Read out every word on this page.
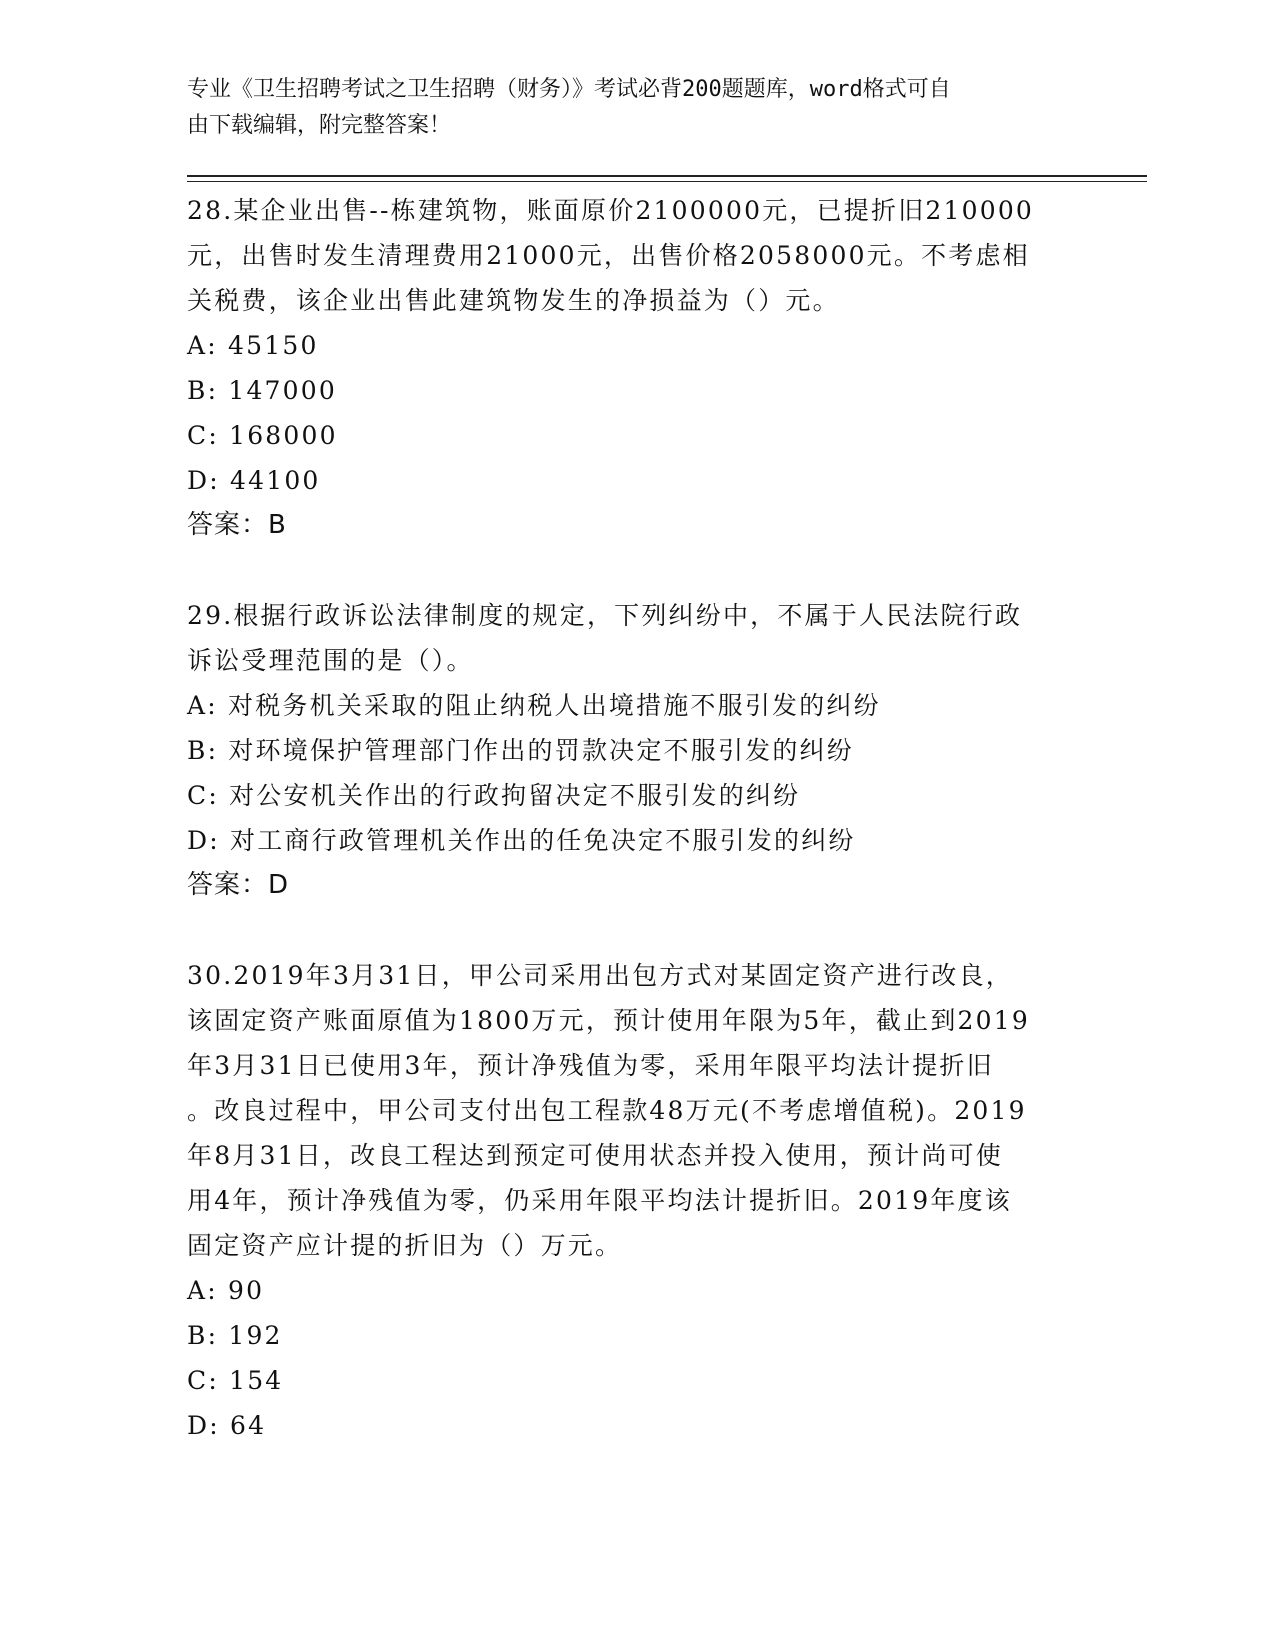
专业《卫生招聘考试之卫生招聘（财务）》考试必背200题题库，word格式可自
由下载编辑，附完整答案！
28.某企业出售--栋建筑物，账面原价2100000元，已提折旧210000
元，出售时发生清理费用21000元，出售价格2058000元。不考虑相
关税费，该企业出售此建筑物发生的净损益为（）元。
A: 45150
B: 147000
C: 168000
D: 44100
答案：B
29.根据行政诉讼法律制度的规定，下列纠纷中，不属于人民法院行政
诉讼受理范围的是（）。
A: 对税务机关采取的阻止纳税人出境措施不服引发的纠纷
B: 对环境保护管理部门作出的罚款决定不服引发的纠纷
C: 对公安机关作出的行政拘留决定不服引发的纠纷
D: 对工商行政管理机关作出的任免决定不服引发的纠纷
答案：D
30.2019年3月31日，甲公司采用出包方式对某固定资产进行改良，
该固定资产账面原值为1800万元，预计使用年限为5年，截止到2019
年3月31日已使用3年，预计净残值为零，采用年限平均法计提折旧
。改良过程中，甲公司支付出包工程款48万元(不考虑增值税)。2019
年8月31日，改良工程达到预定可使用状态并投入使用，预计尚可使
用4年，预计净残值为零，仍采用年限平均法计提折旧。2019年度该
固定资产应计提的折旧为（）万元。
A: 90
B: 192
C: 154
D: 64
